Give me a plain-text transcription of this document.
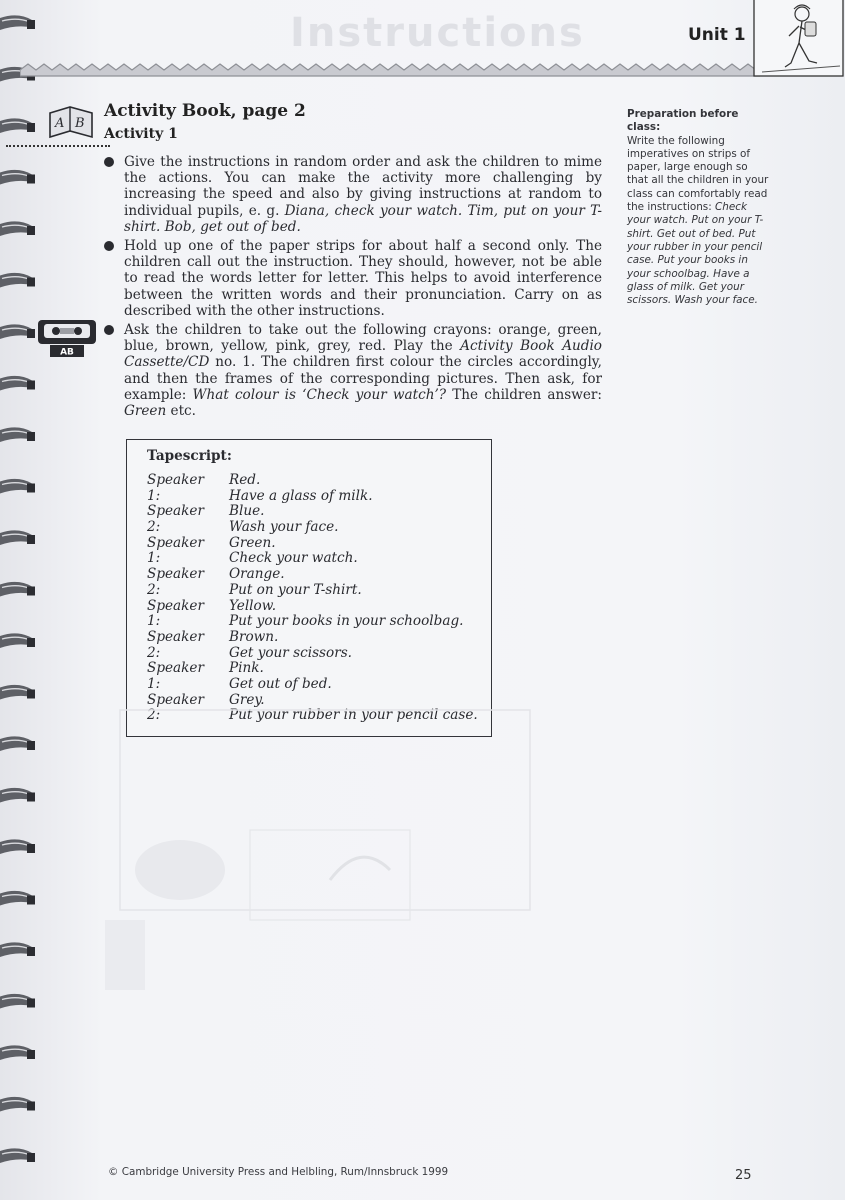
Instructions	Unit 1
A B
Activity Book, page 2
Activity 1
AB
Give the instructions in random order and ask the children to mime the actions. You can make the activity more challenging by increasing the speed and also by giving instructions at random to individual pupils, e. g. Diana, check your watch. Tim, put on your T-shirt. Bob, get out of bed.
Hold up one of the paper strips for about half a second only. The children call out the instruction. They should, however, not be able to read the words letter for letter. This helps to avoid interference between the written words and their pronunciation. Carry on as described with the other instructions.
Ask the children to take out the following crayons: orange, green, blue, brown, yellow, pink, grey, red. Play the Activity Book Audio Cassette/CD no. 1. The children first colour the circles accordingly, and then the frames of the corresponding pictures. Then ask, for example: What colour is ‘Check your watch’? The children answer: Green etc.
Preparation before class:
Write the following imperatives on strips of paper, large enough so that all the children in your class can comfortably read the instructions: Check your watch. Put on your T-shirt. Get out of bed. Put your rubber in your pencil case. Put your books in your schoolbag. Have a glass of milk. Get your scissors. Wash your face.
Tapescript:
Speaker 1:
Red.
Have a glass of milk.
Speaker 2:
Blue.
Wash your face.
Speaker 1:
Green.
Check your watch.
Speaker 2:
Orange.
Put on your T-shirt.
Speaker 1:
Yellow.
Put your books in your schoolbag.
Speaker 2:
Brown.
Get your scissors.
Speaker 1:
Pink.
Get out of bed.
Speaker 2:
Grey.
Put your rubber in your pencil case.
© Cambridge University Press and Helbling, Rum/Innsbruck 1999	25
